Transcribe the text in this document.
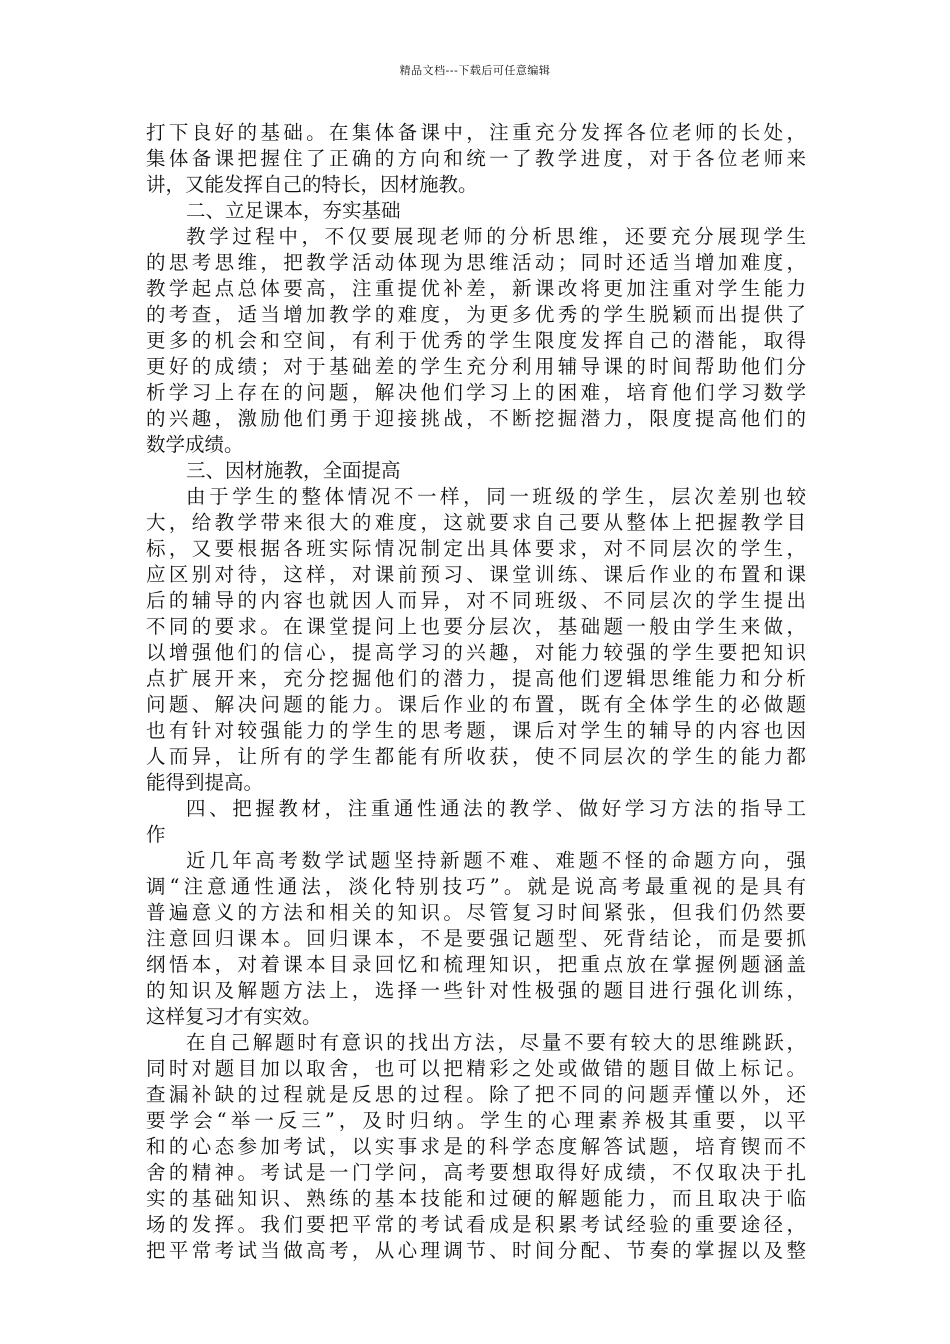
精品文档---下载后可任意编辑
打下良好的基础。在集体备课中，注重充分发挥各位老师的长处，
集体备课把握住了正确的方向和统一了教学进度，对于各位老师来
讲，又能发挥自己的特长，因材施教。
二、立足课本，夯实基础
教学过程中，不仅要展现老师的分析思维，还要充分展现学生
的思考思维，把教学活动体现为思维活动；同时还适当增加难度，
教学起点总体要高，注重提优补差，新课改将更加注重对学生能力
的考查，适当增加教学的难度，为更多优秀的学生脱颖而出提供了
更多的机会和空间，有利于优秀的学生限度发挥自己的潜能，取得
更好的成绩；对于基础差的学生充分利用辅导课的时间帮助他们分
析学习上存在的问题，解决他们学习上的困难，培育他们学习数学
的兴趣，激励他们勇于迎接挑战，不断挖掘潜力，限度提高他们的
数学成绩。
三、因材施教，全面提高
由于学生的整体情况不一样，同一班级的学生，层次差别也较
大，给教学带来很大的难度，这就要求自己要从整体上把握教学目
标，又要根据各班实际情况制定出具体要求，对不同层次的学生，
应区别对待，这样，对课前预习、课堂训练、课后作业的布置和课
后的辅导的内容也就因人而异，对不同班级、不同层次的学生提出
不同的要求。在课堂提问上也要分层次，基础题一般由学生来做，
以增强他们的信心，提高学习的兴趣，对能力较强的学生要把知识
点扩展开来，充分挖掘他们的潜力，提高他们逻辑思维能力和分析
问题、解决问题的能力。课后作业的布置，既有全体学生的必做题
也有针对较强能力的学生的思考题，课后对学生的辅导的内容也因
人而异，让所有的学生都能有所收获，使不同层次的学生的能力都
能得到提高。
四、把握教材，注重通性通法的教学、做好学习方法的指导工
作
近几年高考数学试题坚持新题不难、难题不怪的命题方向，强
调“注意通性通法，淡化特别技巧”。就是说高考最重视的是具有
普遍意义的方法和相关的知识。尽管复习时间紧张，但我们仍然要
注意回归课本。回归课本，不是要强记题型、死背结论，而是要抓
纲悟本，对着课本目录回忆和梳理知识，把重点放在掌握例题涵盖
的知识及解题方法上，选择一些针对性极强的题目进行强化训练，
这样复习才有实效。
在自己解题时有意识的找出方法，尽量不要有较大的思维跳跃，
同时对题目加以取舍，也可以把精彩之处或做错的题目做上标记。
查漏补缺的过程就是反思的过程。除了把不同的问题弄懂以外，还
要学会“举一反三”，及时归纳。学生的心理素养极其重要，以平
和的心态参加考试，以实事求是的科学态度解答试题，培育锲而不
舍的精神。考试是一门学问，高考要想取得好成绩，不仅取决于扎
实的基础知识、熟练的基本技能和过硬的解题能力，而且取决于临
场的发挥。我们要把平常的考试看成是积累考试经验的重要途径，
把平常考试当做高考，从心理调节、时间分配、节奏的掌握以及整
